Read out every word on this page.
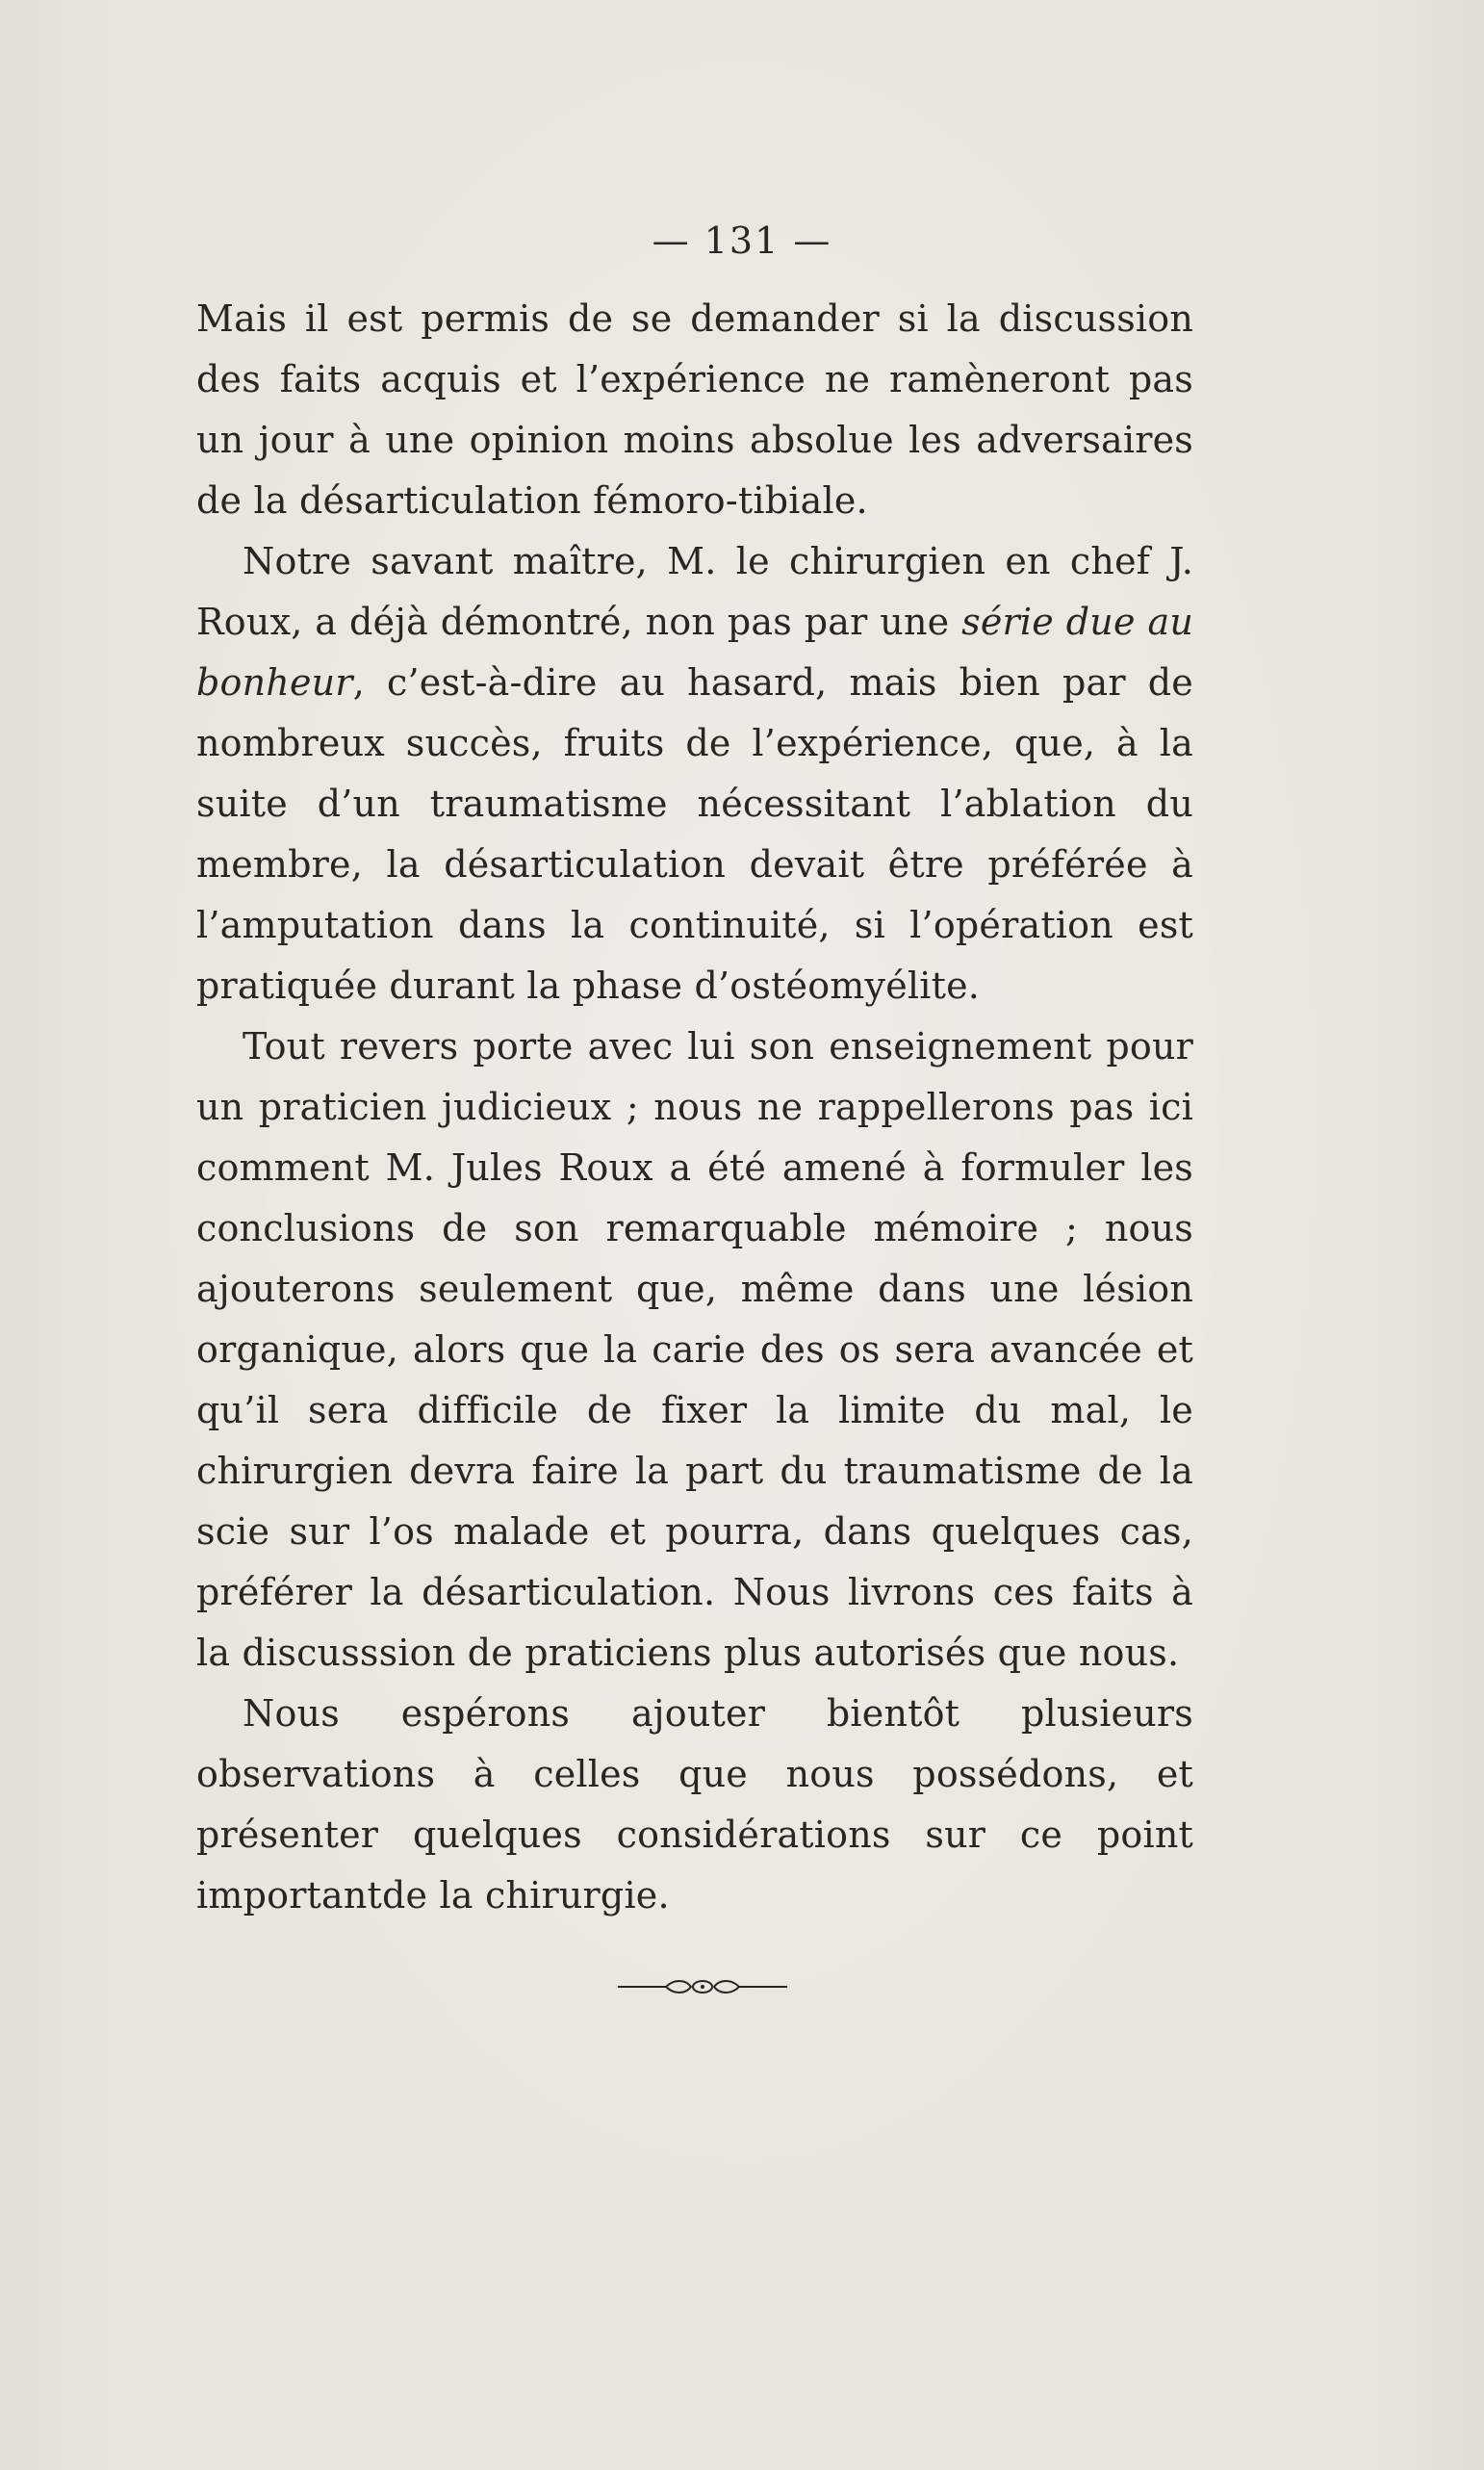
— 131 —

Mais il est permis de se demander si la discussion des faits acquis et l’expérience ne ramèneront pas un jour à une opinion moins absolue les adversaires de la désarticulation fémoro-tibiale.

Notre savant maître, M. le chirurgien en chef J. Roux, a déjà démontré, non pas par une série due au bonheur, c’est-à-dire au hasard, mais bien par de nombreux succès, fruits de l’expérience, que, à la suite d’un traumatisme nécessitant l’ablation du membre, la désarticulation devait être préférée à l’amputation dans la continuité, si l’opération est pratiquée durant la phase d’ostéomyélite.

Tout revers porte avec lui son enseignement pour un praticien judicieux ; nous ne rappellerons pas ici comment M. Jules Roux a été amené à formuler les conclusions de son remarquable mémoire ; nous ajouterons seulement que, même dans une lésion organique, alors que la carie des os sera avancée et qu’il sera difficile de fixer la limite du mal, le chirurgien devra faire la part du traumatisme de la scie sur l’os malade et pourra, dans quelques cas, préférer la désarticulation. Nous livrons ces faits à la discusssion de praticiens plus autorisés que nous.

Nous espérons ajouter bientôt plusieurs observations à celles que nous possédons, et présenter quelques considérations sur ce point importantde la chirurgie.
